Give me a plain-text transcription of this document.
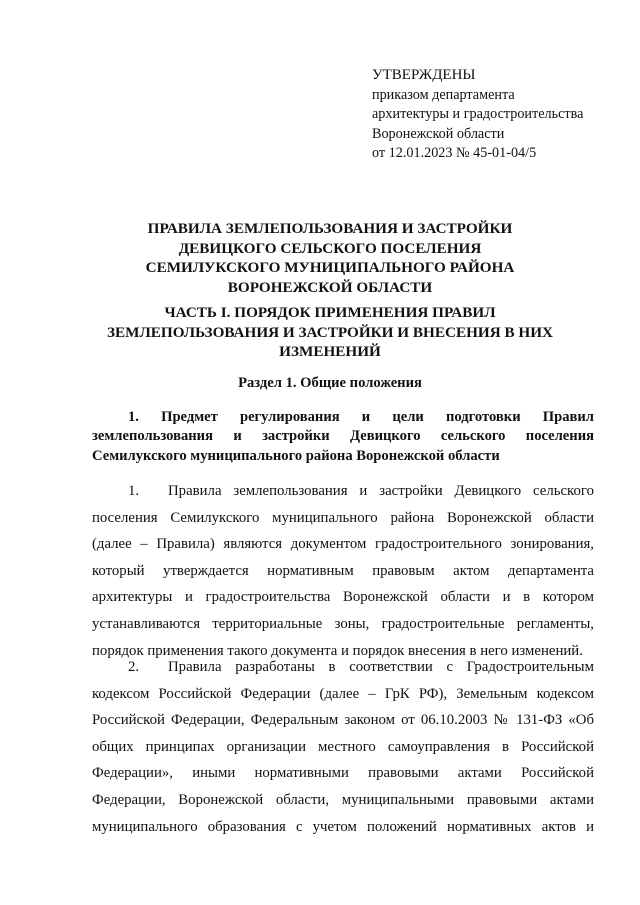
УТВЕРЖДЕНЫ
приказом департамента
архитектуры и градостроительства
Воронежской области
от 12.01.2023 № 45-01-04/5
ПРАВИЛА ЗЕМЛЕПОЛЬЗОВАНИЯ И ЗАСТРОЙКИ
ДЕВИЦКОГО СЕЛЬСКОГО ПОСЕЛЕНИЯ
СЕМИЛУКСКОГО МУНИЦИПАЛЬНОГО РАЙОНА
ВОРОНЕЖСКОЙ ОБЛАСТИ
ЧАСТЬ I. ПОРЯДОК ПРИМЕНЕНИЯ ПРАВИЛ
ЗЕМЛЕПОЛЬЗОВАНИЯ И ЗАСТРОЙКИ И ВНЕСЕНИЯ В НИХ
ИЗМЕНЕНИЙ
Раздел 1. Общие положения
1. Предмет регулирования и цели подготовки Правил
землепользования и застройки Девицкого сельского поселения
Семилукского муниципального района Воронежской области
1. Правила землепользования и застройки Девицкого сельского
поселения Семилукского муниципального района Воронежской области
(далее – Правила) являются документом градостроительного зонирования,
который утверждается нормативным правовым актом департамента
архитектуры и градостроительства Воронежской области и в котором
устанавливаются территориальные зоны, градостроительные регламенты,
порядок применения такого документа и порядок внесения в него изменений.
2. Правила разработаны в соответствии с Градостроительным
кодексом Российской Федерации (далее – ГрК РФ), Земельным кодексом
Российской Федерации, Федеральным законом от 06.10.2003 № 131-ФЗ «Об
общих принципах организации местного самоуправления в Российской
Федерации», иными нормативными правовыми актами Российской
Федерации, Воронежской области, муниципальными правовыми актами
муниципального образования с учетом положений нормативных актов и
